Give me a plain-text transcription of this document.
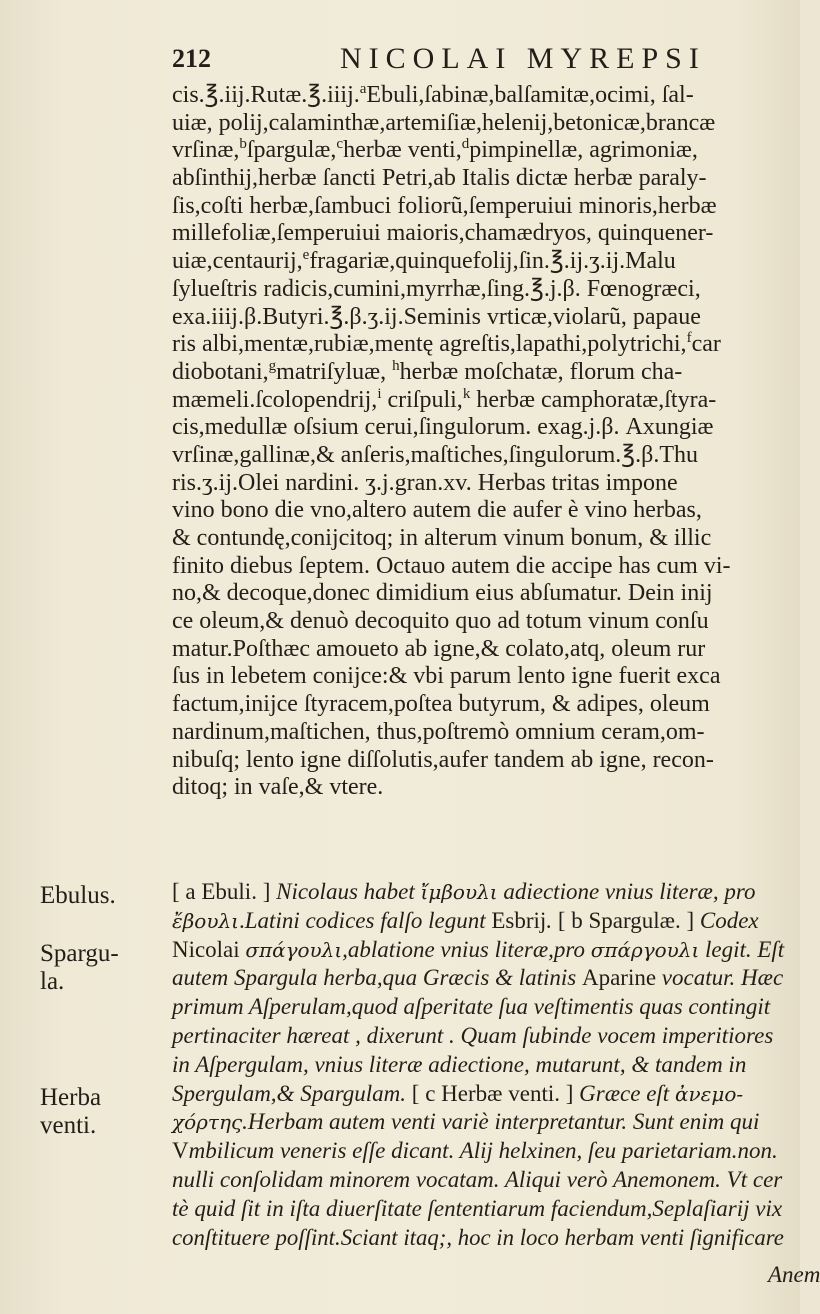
212	NICOLAI MYREPSI
cis.℥.iij.Rutæ.℥.iiij.$^a$Ebuli,ſabinæ,balſamitæ,ocimi, ſal-
uiæ, polij,calaminthæ,artemiſiæ,helenij,betonicæ,brancæ
vrſinæ,$^b$ſpargulæ,$^c$herbæ venti,$^d$pimpinellæ, agrimoniæ,
abſinthij,herbæ ſancti Petri,ab Italis dictæ herbæ paraly-
ſis,coſti herbæ,ſambuci foliorũ,ſemperuiui minoris,herbæ
millefoliæ,ſemperuiui maioris,chamædryos, quinquener-
uiæ,centaurij,$^e$fragariæ,quinquefolij,ſin.℥.ij.ʒ.ij.Malu
ſylueſtris radicis,cumini,myrrhæ,ſing.℥.j.β. Fœnogræci,
exa.iiij.β.Butyri.℥.β.ʒ.ij.Seminis vrticæ,violarũ, papaue
ris albi,mentæ,rubiæ,mentę agreſtis,lapathi,polytrichi,$^f$car
diobotani,$^g$matriſyluæ, $^h$herbæ moſchatæ, florum cha-
mæmeli.ſcolopendrij,$^i$ criſpuli,$^k$ herbæ camphoratæ,ſtyra-
cis,medullæ oſsium cerui,ſingulorum. exag.j.β. Axungiæ
vrſinæ,gallinæ,& anſeris,maſtiches,ſingulorum.℥.β.Thu
ris.ʒ.ij.Olei nardini. ʒ.j.gran.xv. Herbas tritas impone
vino bono die vno,altero autem die aufer è vino herbas,
& contundę,conijcitoq; in alterum vinum bonum, & illic
finito diebus ſeptem. Octauo autem die accipe has cum vi-
no,& decoque,donec dimidium eius abſumatur. Dein inij
ce oleum,& denuò decoquito quo ad totum vinum conſu
matur.Poſthæc amoueto ab igne,& colato,atq, oleum rur
ſus in lebetem conijce:& vbi parum lento igne fuerit exca
factum,inijce ſtyracem,poſtea butyrum, & adipes, oleum
nardinum,maſtichen, thus,poſtremò omnium ceram,om-
nibuſq; lento igne diſſolutis,aufer tandem ab igne, recon-
ditoq; in vaſe,& vtere.
Ebulus.
Spargu-
la.
Herba
venti.
[ a Ebuli. ] Nicolaus habet ἴμβουλι adiectione vnius literæ, pro
ἔβουλι.Latini codices falſo legunt Esbrij. [ b Spargulæ. ] Codex
Nicolai σπάγουλι,ablatione vnius literæ,pro σπάργουλι legit. Eſt
autem Spargula herba,qua Græcis & latinis Aparine vocatur. Hæc
primum Aſperulam,quod aſperitate ſua veſtimentis quas contingit
pertinaciter hæreat , dixerunt . Quam ſubinde vocem imperitiores
in Aſpergulam, vnius literæ adiectione, mutarunt, & tandem in
Spergulam,& Spargulam. [ c Herbæ venti. ] Græce eſt ἀνεμο-
χόρτης.Herbam autem venti variè interpretantur. Sunt enim qui
Vmbilicum veneris eſſe dicant. Alij helxinen, ſeu parietariam.non.
nulli conſolidam minorem vocatam. Aliqui verò Anemonem. Vt cer
tè quid ſit in iſta diuerſitate ſententiarum faciendum,Seplaſiarij vix
conſtituere poſſint.Sciant itaq;, hoc in loco herbam venti ſignificare
Anem
